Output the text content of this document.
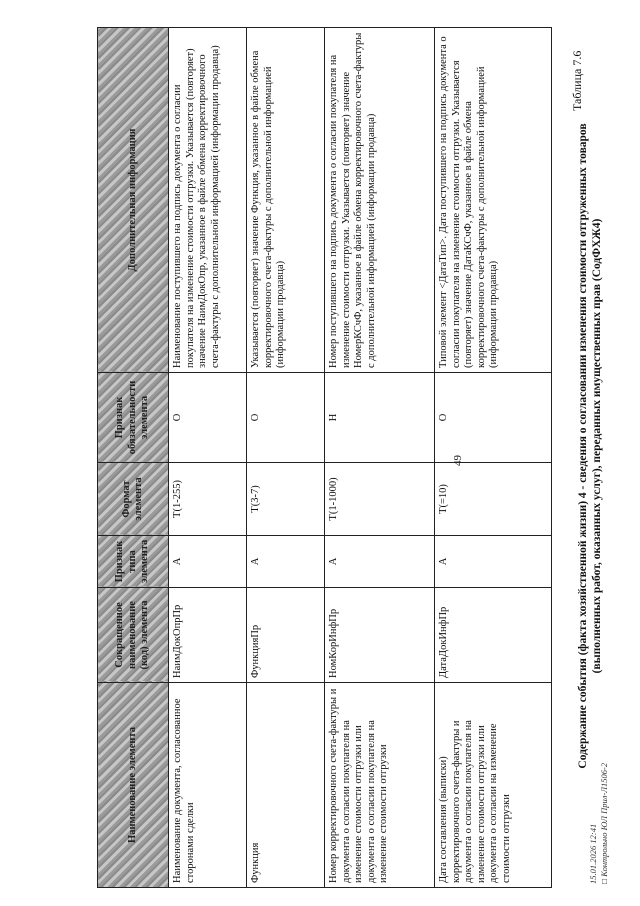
49
Таблица 7.6
Содержание события (факта хозяйственной жизни) 4 - сведения о согласовании изменения стоимости отгруженных товаров (выполненных работ, оказанных услуг), переданных имущественных прав (СодФХЖ4)
Наименование элемента	Сокращенное наименование (код) элемента	Признак типа элемента	Формат элемента	Признак обязательности элемента	Дополнительная информация
Наименование документа, согласованное сторонами сделки	НаимДокОпрПр	А	T(1-255)	О	Наименование поступившего на подпись документа о согласии покупателя на изменение стоимости отгрузки. Указывается (повторяет) значение НаимДокОпр, указанное в файле обмена корректировочного счета-фактуры с дополнительной информацией (информации продавца)
Функция	ФункцияПр	А	T(3-7)	О	Указывается (повторяет) значение Функция, указанное в файле обмена корректировочного счета-фактуры с дополнительной информацией (информации продавца)
Номер корректировочного счета-фактуры и документа о согласии покупателя на изменение стоимости отгрузки или документа о согласии покупателя на изменение стоимости отгрузки	НомКорИнфПр	А	T(1-1000)	Н	Номер поступившего на подпись документа о согласии покупателя на изменение стоимости отгрузки. Указывается (повторяет) значение НомерКСчФ, указанное в файле обмена корректировочного счета-фактуры с дополнительной информацией (информации продавца)
Дата составления (выписки) корректировочного счета-фактуры и документа о согласии покупателя на изменение стоимости отгрузки или документа о согласии на изменение стоимости отгрузки	ДатаДокИнфПр	А	T(=10)	О	Типовой элемент <ДатаТип>. Дата поступившего на подпись документа о согласии покупателя на изменение стоимости отгрузки. Указывается (повторяет) значение ДатаКСчФ, указанное в файле обмена корректировочного счета-фактуры с дополнительной информацией (информации продавца)
15.01.2026 12:41 □ Контрольно ЮЛ Прил-Л1506-2
